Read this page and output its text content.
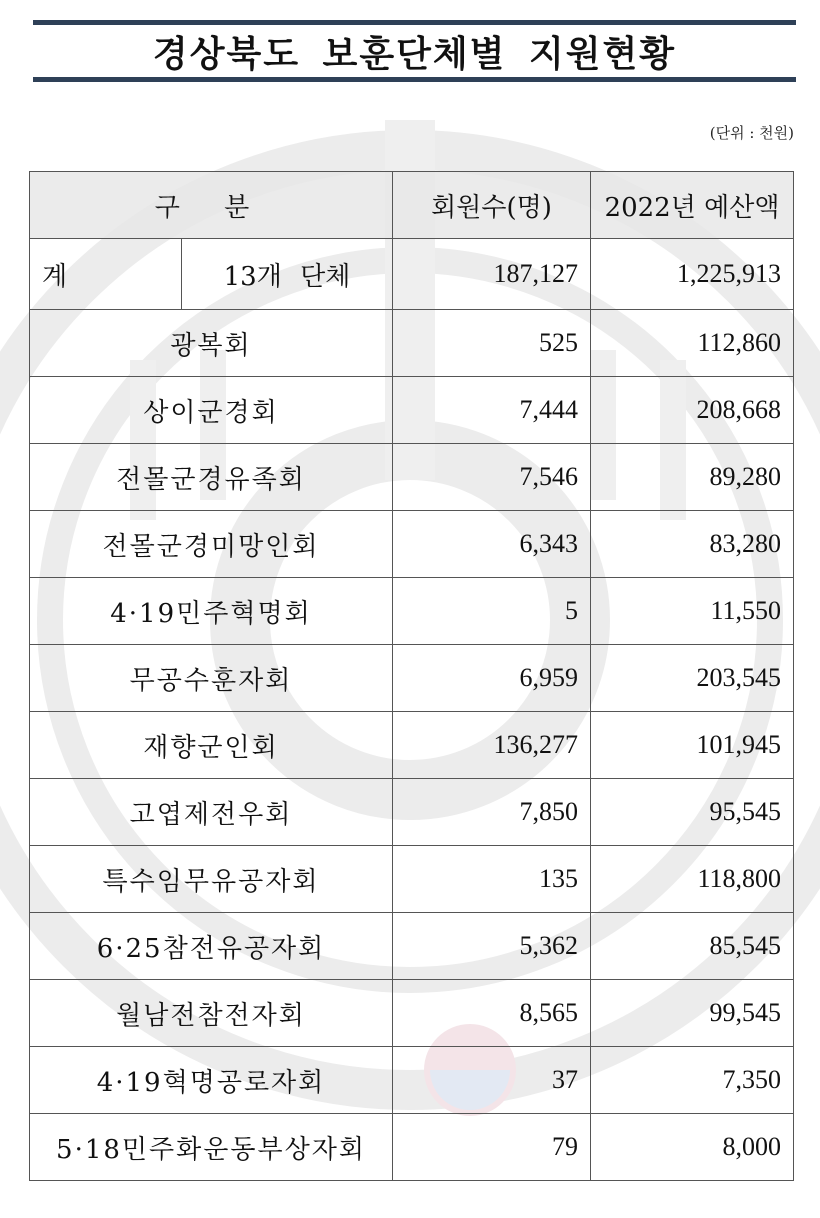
경상북도 보훈단체별 지원현황
(단위 : 천원)
구 분		회원수(명)	2022년 예산액
계	13개 단체	187,127	1,225,913
광복회		525	112,860
상이군경회		7,444	208,668
전몰군경유족회		7,546	89,280
전몰군경미망인회		6,343	83,280
4·19민주혁명회		5	11,550
무공수훈자회		6,959	203,545
재향군인회		136,277	101,945
고엽제전우회		7,850	95,545
특수임무유공자회		135	118,800
6·25참전유공자회		5,362	85,545
월남전참전자회		8,565	99,545
4·19혁명공로자회		37	7,350
5·18민주화운동부상자회		79	8,000
